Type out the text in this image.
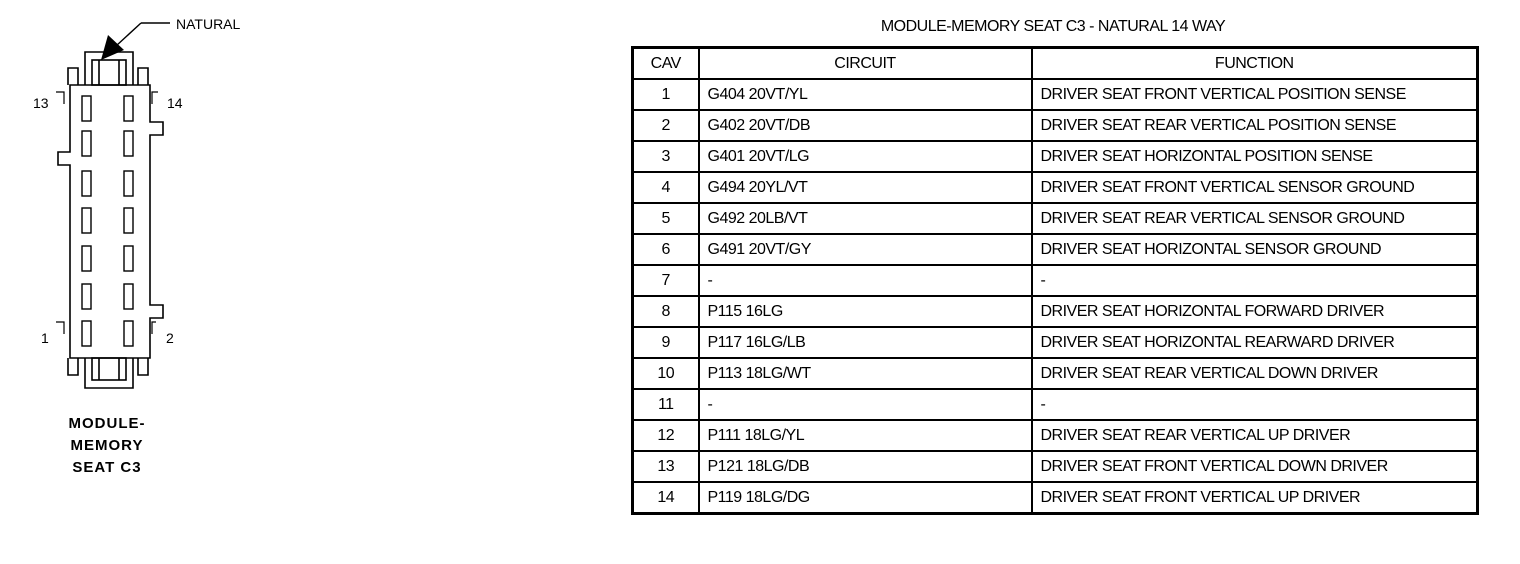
NATURAL
13	14
1	2
MODULE-
MEMORY
SEAT C3
MODULE-MEMORY SEAT C3 - NATURAL 14 WAY
CAV	CIRCUIT	FUNCTION
1	G404 20VT/YL	DRIVER SEAT FRONT VERTICAL POSITION SENSE
2	G402 20VT/DB	DRIVER SEAT REAR VERTICAL POSITION SENSE
3	G401 20VT/LG	DRIVER SEAT HORIZONTAL POSITION SENSE
4	G494 20YL/VT	DRIVER SEAT FRONT VERTICAL SENSOR GROUND
5	G492 20LB/VT	DRIVER SEAT REAR VERTICAL SENSOR GROUND
6	G491 20VT/GY	DRIVER SEAT HORIZONTAL SENSOR GROUND
7	-	-
8	P115 16LG	DRIVER SEAT HORIZONTAL FORWARD DRIVER
9	P117 16LG/LB	DRIVER SEAT HORIZONTAL REARWARD DRIVER
10	P113 18LG/WT	DRIVER SEAT REAR VERTICAL DOWN DRIVER
11	-	-
12	P111 18LG/YL	DRIVER SEAT REAR VERTICAL UP DRIVER
13	P121 18LG/DB	DRIVER SEAT FRONT VERTICAL DOWN DRIVER
14	P119 18LG/DG	DRIVER SEAT FRONT VERTICAL UP DRIVER
